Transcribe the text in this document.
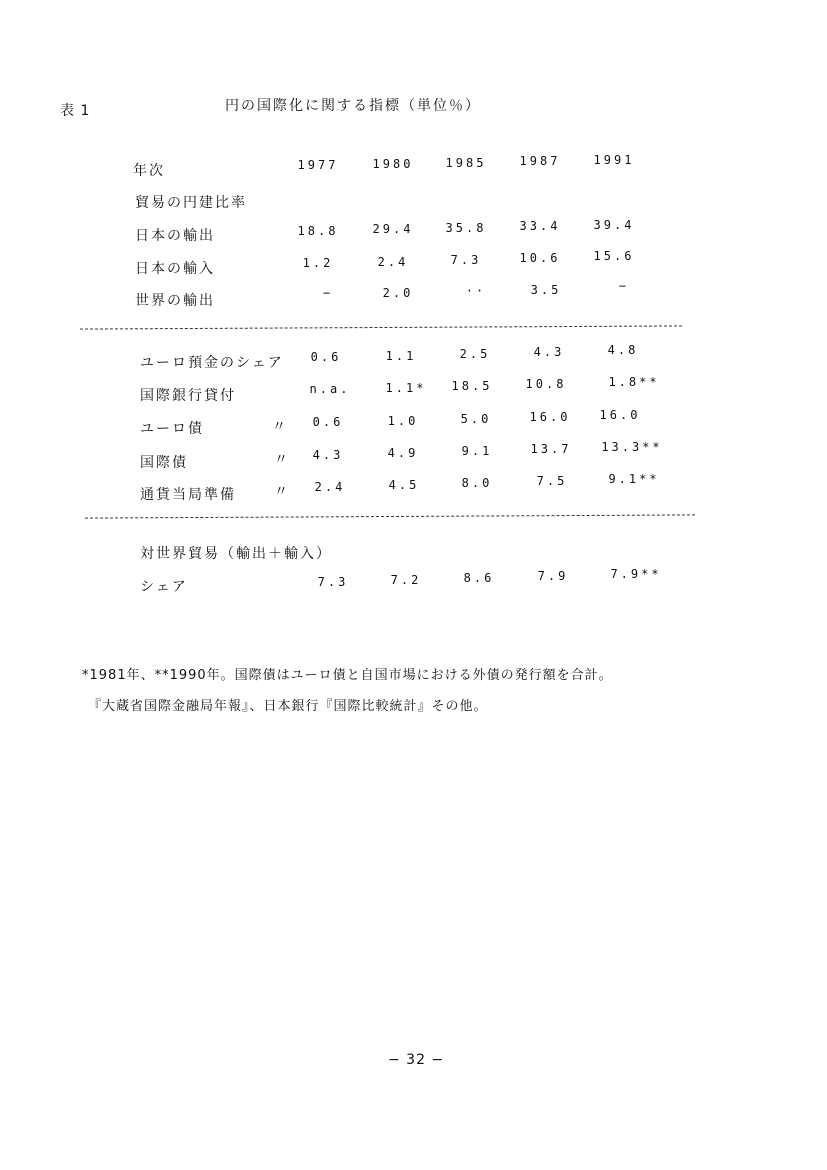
表 1	円の国際化に関する指標（単位％）
年次	1977	1980	1985	1987	1991
貿易の円建比率
日本の輸出	18.8	29.4	35.8	33.4	39.4
日本の輸入	1.2	2.4	7.3	10.6	15.6
世界の輸出	−	2.0	··	3.5	−
ユーロ預金のシェア	0.6	1.1	2.5	4.3	4.8
国際銀行貸付	n.a.	1.1*	18.5	10.8	1.8**
ユーロ債	〃	0.6	1.0	5.0	16.0	16.0
国際債	〃	4.3	4.9	9.1	13.7	13.3**
通貨当局準備	〃	2.4	4.5	8.0	7.5	9.1**
対世界貿易（輸出＋輸入）
シェア	7.3	7.2	8.6	7.9	7.9**
*1981年、**1990年。国際債はユーロ債と自国市場における外債の発行額を合計。
『大蔵省国際金融局年報』、日本銀行『国際比較統計』その他。
− 32 −
